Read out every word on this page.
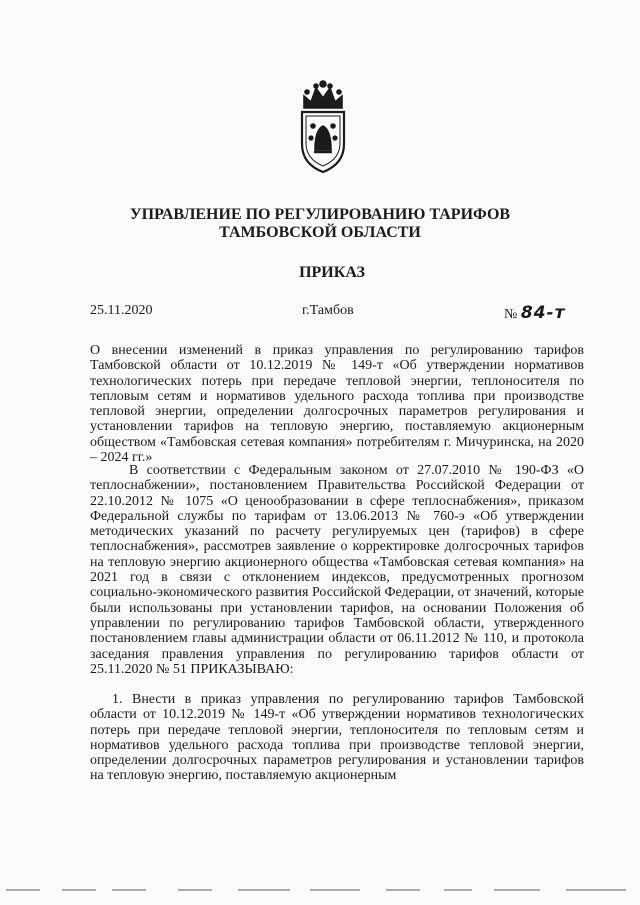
УПРАВЛЕНИЕ ПО РЕГУЛИРОВАНИЮ ТАРИФОВ
ТАМБОВСКОЙ ОБЛАСТИ
ПРИКАЗ
25.11.2020	г.Тамбов	№ 84-т

О внесении изменений в приказ управления по регулированию тарифов Тамбовской области от 10.12.2019 № 149-т «Об утверждении нормативов технологических потерь при передаче тепловой энергии, теплоносителя по тепловым сетям и нормативов удельного расхода топлива при производстве тепловой энергии, определении долгосрочных параметров регулирования и установлении тарифов на тепловую энергию, поставляемую акционерным обществом «Тамбовская сетевая компания» потребителям г. Мичуринска, на 2020 – 2024 гг.»

В соответствии с Федеральным законом от 27.07.2010 № 190-ФЗ «О теплоснабжении», постановлением Правительства Российской Федерации от 22.10.2012 № 1075 «О ценообразовании в сфере теплоснабжения», приказом Федеральной службы по тарифам от 13.06.2013 № 760-э «Об утверждении методических указаний по расчету регулируемых цен (тарифов) в сфере теплоснабжения», рассмотрев заявление о корректировке долгосрочных тарифов на тепловую энергию акционерного общества «Тамбовская сетевая компания» на 2021 год в связи с отклонением индексов, предусмотренных прогнозом социально-экономического развития Российской Федерации, от значений, которые были использованы при установлении тарифов, на основании Положения об управлении по регулированию тарифов Тамбовской области, утвержденного постановлением главы администрации области от 06.11.2012 № 110, и протокола заседания правления управления по регулированию тарифов области от 25.11.2020 № 51 ПРИКАЗЫВАЮ:

1. Внести в приказ управления по регулированию тарифов Тамбовской области от 10.12.2019 № 149-т «Об утверждении нормативов технологических потерь при передаче тепловой энергии, теплоносителя по тепловым сетям и нормативов удельного расхода топлива при производстве тепловой энергии, определении долгосрочных параметров регулирования и установлении тарифов на тепловую энергию, поставляемую акционерным
